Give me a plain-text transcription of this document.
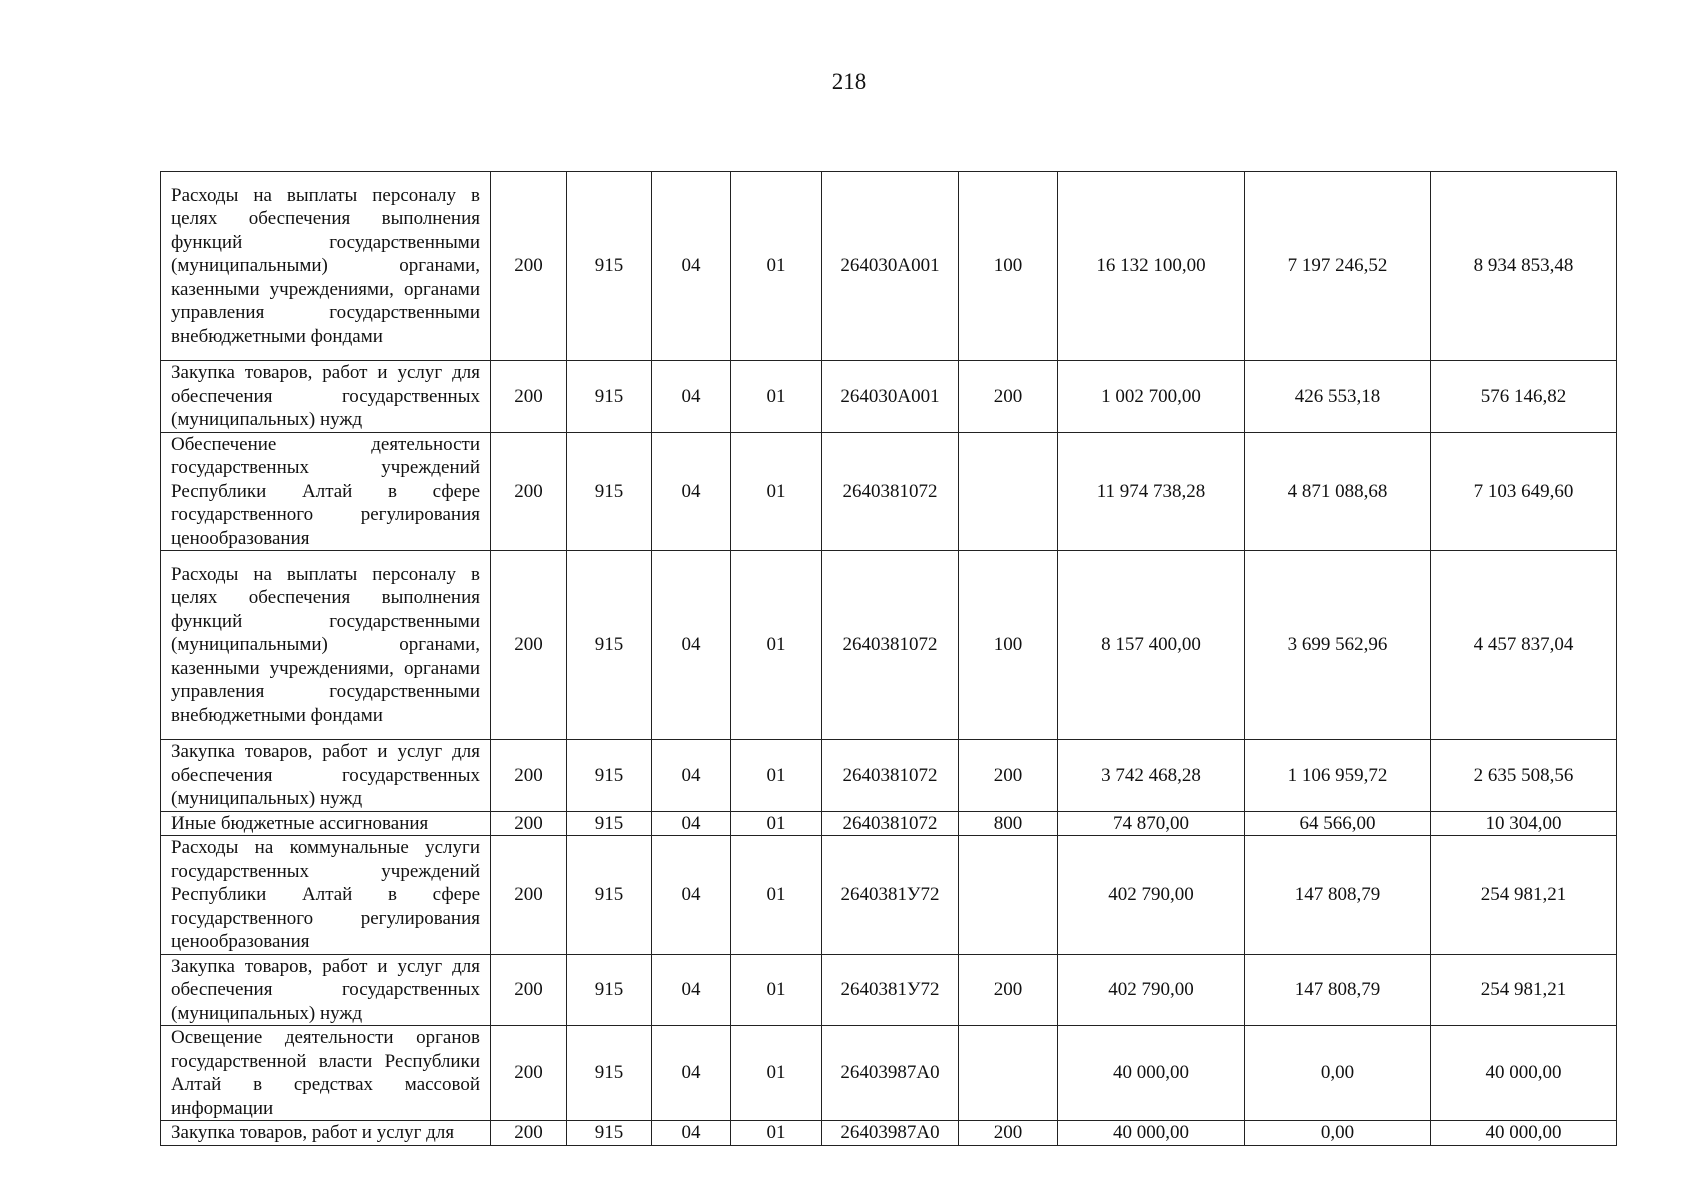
218
Расходы на выплаты персоналу в целях обеспечения выполнения функций государственными (муниципальными) органами, казенными учреждениями, органами управления государственными внебюджетными фондами	200	915	04	01	264030А001	100	16 132 100,00	7 197 246,52	8 934 853,48
Закупка товаров, работ и услуг для обеспечения государственных (муниципальных) нужд	200	915	04	01	264030А001	200	1 002 700,00	426 553,18	576 146,82
Обеспечение деятельности государственных учреждений Республики Алтай в сфере государственного регулирования ценообразования	200	915	04	01	2640381072		11 974 738,28	4 871 088,68	7 103 649,60
Расходы на выплаты персоналу в целях обеспечения выполнения функций государственными (муниципальными) органами, казенными учреждениями, органами управления государственными внебюджетными фондами	200	915	04	01	2640381072	100	8 157 400,00	3 699 562,96	4 457 837,04
Закупка товаров, работ и услуг для обеспечения государственных (муниципальных) нужд	200	915	04	01	2640381072	200	3 742 468,28	1 106 959,72	2 635 508,56
Иные бюджетные ассигнования	200	915	04	01	2640381072	800	74 870,00	64 566,00	10 304,00
Расходы на коммунальные услуги государственных учреждений Республики Алтай в сфере государственного регулирования ценообразования	200	915	04	01	2640381У72		402 790,00	147 808,79	254 981,21
Закупка товаров, работ и услуг для обеспечения государственных (муниципальных) нужд	200	915	04	01	2640381У72	200	402 790,00	147 808,79	254 981,21
Освещение деятельности органов государственной власти Республики Алтай в средствах массовой информации	200	915	04	01	26403987А0		40 000,00	0,00	40 000,00
Закупка товаров, работ и услуг для	200	915	04	01	26403987А0	200	40 000,00	0,00	40 000,00
